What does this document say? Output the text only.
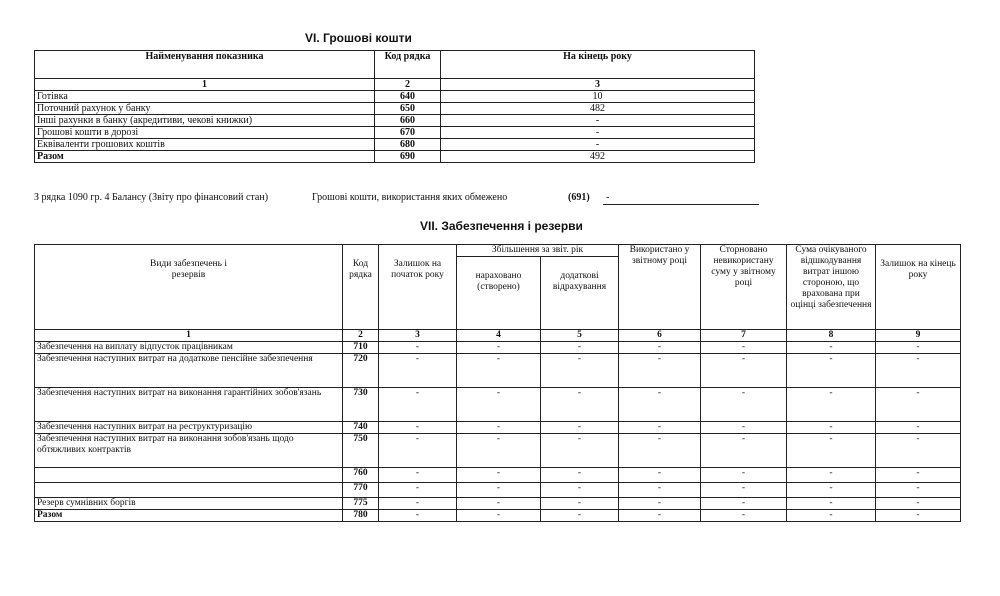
VI. Грошові кошти
Найменування показника	Код рядка	На кінець року
1	2	3
Готівка	640	10
Поточний рахунок у банку	650	482
Інші рахунки в банку (акредитиви, чекові книжки)	660	-
Грошові кошти в дорозі	670	-
Еквіваленти грошових коштів	680	-
Разом	690	492
З рядка 1090 гр. 4 Балансу (Звіту про фінансовий стан)	Грошові кошти, використання яких обмежено	(691) -
VII. Забезпечення і резерви
Види забезпечень і резервів	Код рядка	Залишок на початок року	Збільшення за звіт. рік		Використано у звітному році	Сторновано невикористану суму у звітному році	Сума очікуваного відшкодування витрат іншою стороною, що врахована при оцінці забезпечення	Залишок на кінець року

			нараховано (створено)	додаткові відрахування				

1	2	3	4	5	6	7	8	9
Забезпечення на виплату відпусток працівникам	710	-	-	-	-	-	-	-
Забезпечення наступних витрат на додаткове пенсійне забезпечення	720	-	-	-	-	-	-	-
Забезпечення наступних витрат на виконання гарантійних зобов'язань	730	-	-	-	-	-	-	-
Забезпечення наступних витрат на реструктуризацію	740	-	-	-	-	-	-	-
Забезпечення наступних витрат на виконання зобов'язань щодо обтяжливих контрактів	750	-	-	-	-	-	-	-
	760	-	-	-	-	-	-	-
	770	-	-	-	-	-	-	-
Резерв сумнівних боргів	775	-	-	-	-	-	-	-
Разом	780	-	-	-	-	-	-	-
